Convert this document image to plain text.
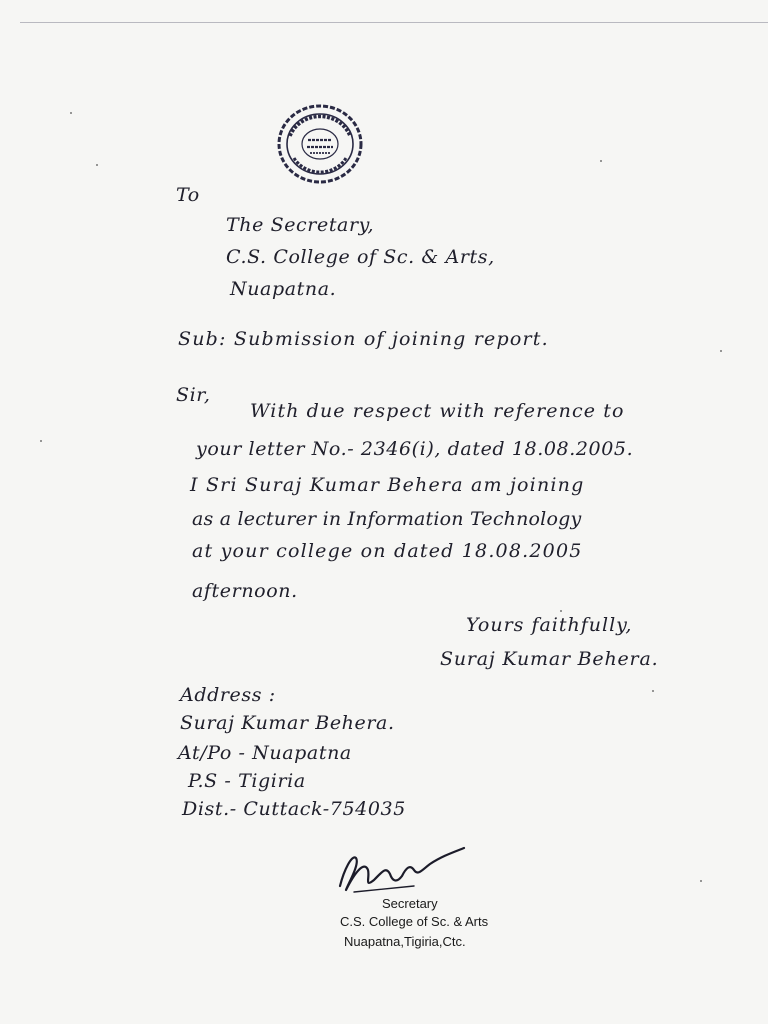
To
The Secretary,
C.S. College of Sc. & Arts,
Nuapatna.
Sub: Submission of joining report.
Sir,
With due respect with reference to
your letter No.- 2346(i), dated 18.08.2005.
I Sri Suraj Kumar Behera am joining
as a lecturer in Information Technology
at your college on dated 18.08.2005
afternoon.
Yours faithfully,
Suraj Kumar Behera.
Address :
Suraj Kumar Behera.
At/Po - Nuapatna
P.S - Tigiria
Dist.- Cuttack-754035
Secretary
C.S. College of Sc. & Arts
Nuapatna,Tigiria,Ctc.
